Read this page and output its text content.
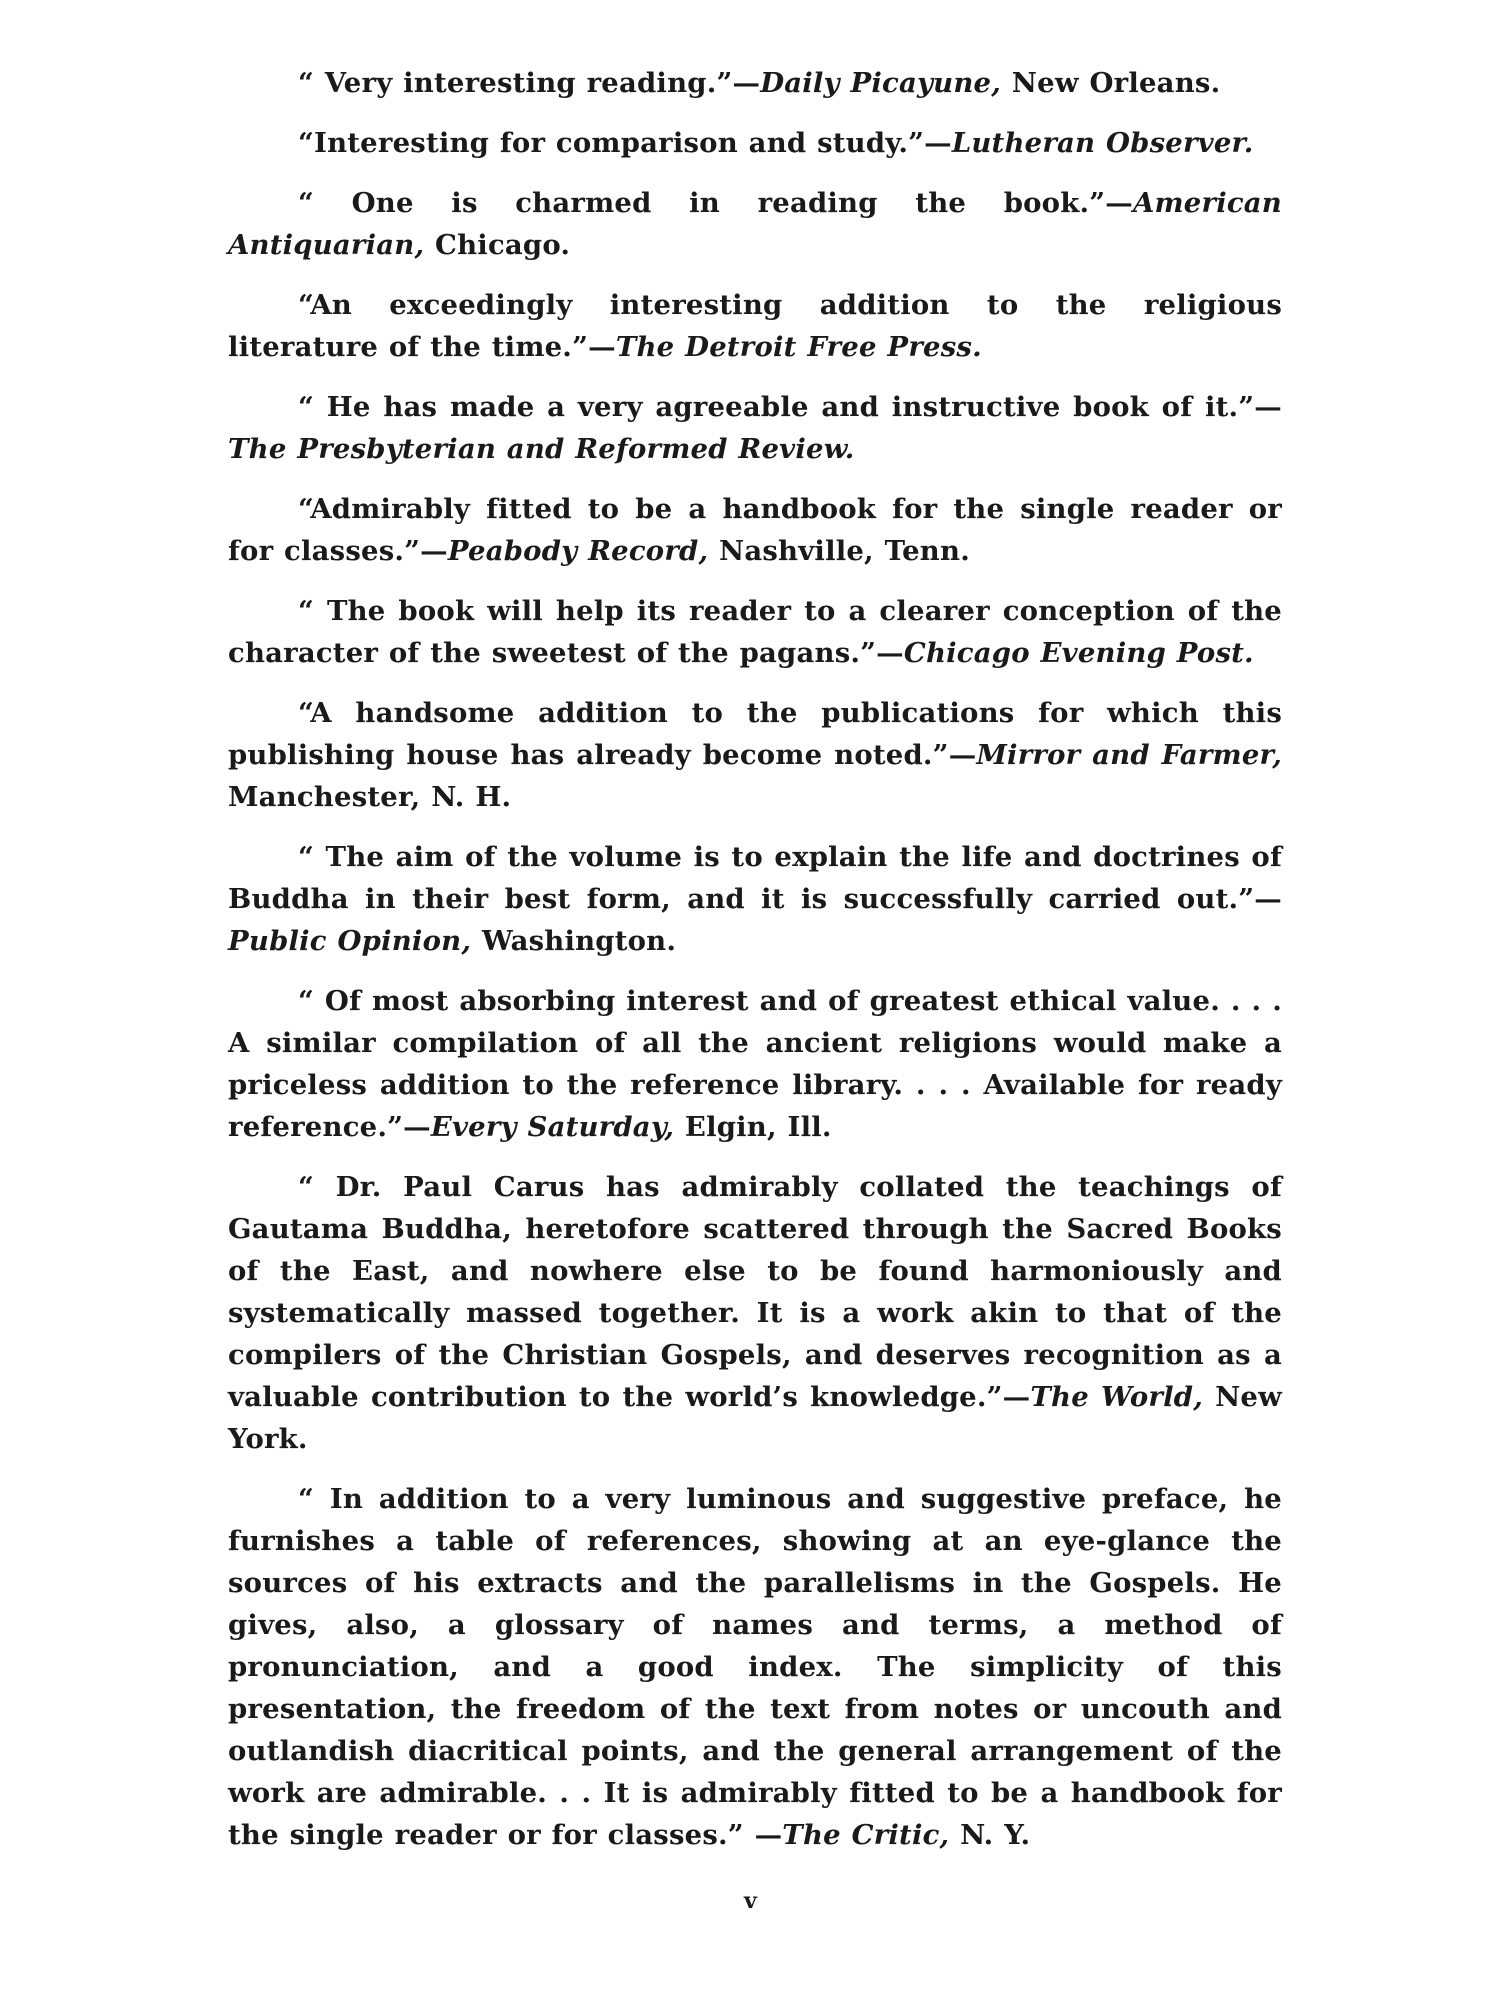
“ Very interesting reading.”—Daily Picayune, New Orleans.

“Interesting for comparison and study.”—Lutheran Observer.

“ One is charmed in reading the book.”—American Antiquarian, Chicago.

“An exceedingly interesting addition to the religious literature of the time.”—The Detroit Free Press.

“ He has made a very agreeable and instructive book of it.”—The Presbyterian and Reformed Review.

“Admirably fitted to be a handbook for the single reader or for classes.”—Peabody Record, Nashville, Tenn.

“ The book will help its reader to a clearer conception of the character of the sweetest of the pagans.”—Chicago Evening Post.

“A handsome addition to the publications for which this publishing house has already become noted.”—Mirror and Farmer, Manchester, N. H.

“ The aim of the volume is to explain the life and doctrines of Buddha in their best form, and it is successfully carried out.”—Public Opinion, Washington.

“ Of most absorbing interest and of greatest ethical value. . . . A similar compilation of all the ancient religions would make a priceless addition to the reference library. . . . Available for ready reference.”—Every Saturday, Elgin, Ill.

“ Dr. Paul Carus has admirably collated the teachings of Gautama Buddha, heretofore scattered through the Sacred Books of the East, and nowhere else to be found harmoniously and systematically massed together. It is a work akin to that of the compilers of the Christian Gospels, and deserves recognition as a valuable contribution to the world’s knowledge.”—The World, New York.

“ In addition to a very luminous and suggestive preface, he furnishes a table of references, showing at an eye-glance the sources of his extracts and the parallelisms in the Gospels. He gives, also, a glossary of names and terms, a method of pronunciation, and a good index. The simplicity of this presentation, the freedom of the text from notes or uncouth and outlandish diacritical points, and the general arrangement of the work are admirable. . . It is admirably fitted to be a handbook for the single reader or for classes.” —The Critic, N. Y.

v
